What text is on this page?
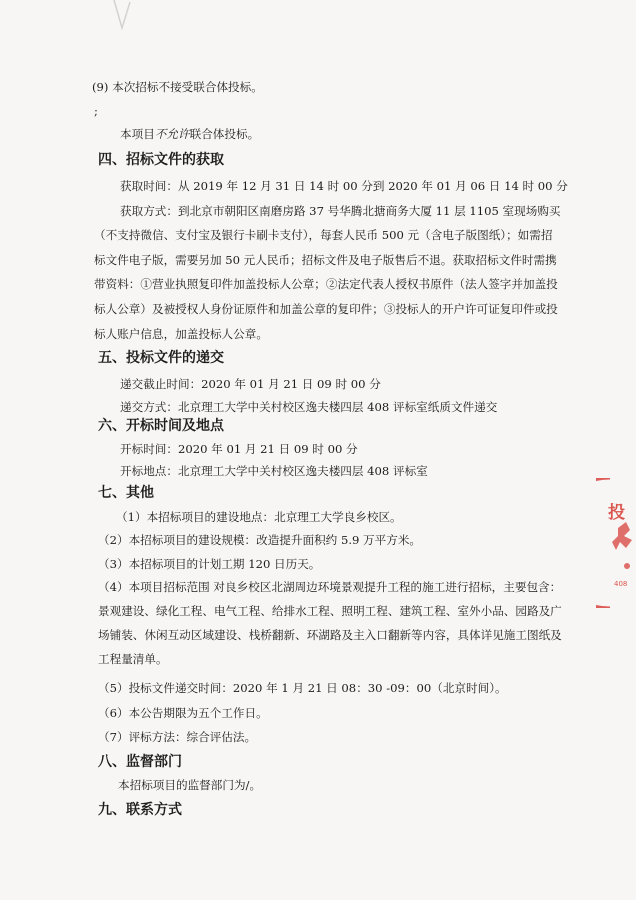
(9) 本次招标不接受联合体投标。
;
本项目不允许联合体投标。
四、招标文件的获取
获取时间：从 2019 年 12 月 31 日 14 时 00 分到 2020 年 01 月 06 日 14 时 00 分
获取方式：到北京市朝阳区南磨房路 37 号华腾北搪商务大厦 11 层 1105 室现场购买
（不支持微信、支付宝及银行卡刷卡支付），每套人民币 500 元（含电子版图纸）；如需招
标文件电子版，需要另加 50 元人民币；招标文件及电子版售后不退。获取招标文件时需携
带资料：①营业执照复印件加盖投标人公章；②法定代表人授权书原件（法人签字并加盖投
标人公章）及被授权人身份证原件和加盖公章的复印件；③投标人的开户许可证复印件或投
标人账户信息，加盖投标人公章。
五、投标文件的递交
递交截止时间：2020 年 01 月 21 日 09 时 00 分
递交方式：北京理工大学中关村校区逸夫楼四层 408 评标室纸质文件递交
六、开标时间及地点
开标时间：2020 年 01 月 21 日 09 时 00 分
开标地点：北京理工大学中关村校区逸夫楼四层 408 评标室
七、其他
（1）本招标项目的建设地点：北京理工大学良乡校区。
（2）本招标项目的建设规模：改造提升面积约 5.9 万平方米。
（3）本招标项目的计划工期 120 日历天。
（4）本项目招标范围 对良乡校区北湖周边环境景观提升工程的施工进行招标，主要包含：
景观建设、绿化工程、电气工程、给排水工程、照明工程、建筑工程、室外小品、园路及广
场铺装、休闲互动区域建设、栈桥翻新、环湖路及主入口翻新等内容，具体详见施工图纸及
工程量清单。
（5）投标文件递交时间：2020 年 1 月 21 日 08：30 -09：00（北京时间）。
（6）本公告期限为五个工作日。
（7）评标方法：综合评估法。
八、监督部门
本招标项目的监督部门为/。
九、联系方式
投
408
